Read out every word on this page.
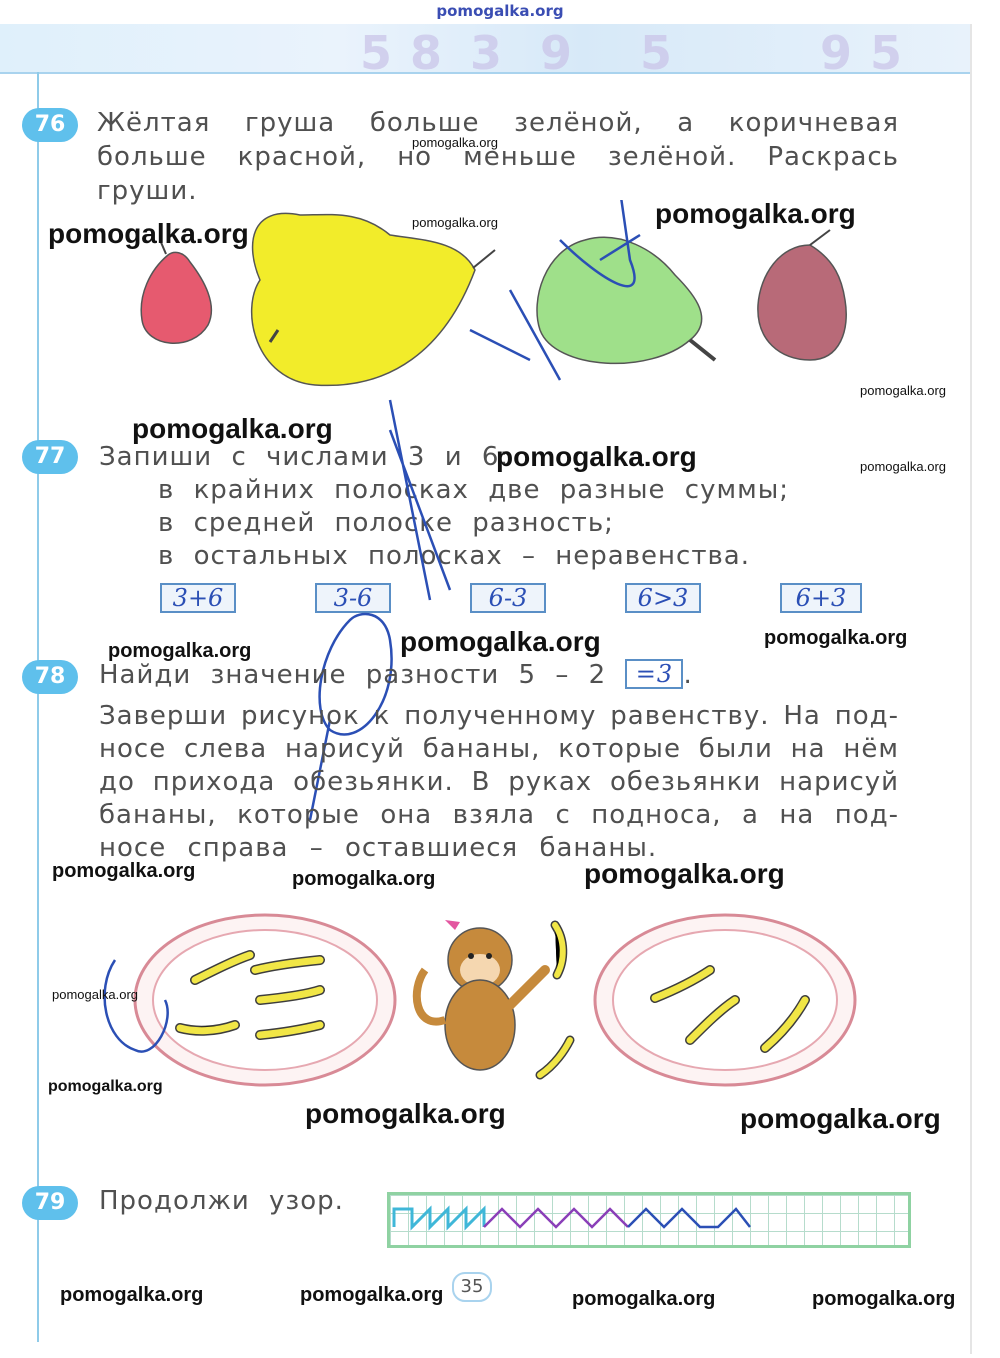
pomogalka.org
5 8 3 9 5	9 5
76	Жёлтая груша больше зелёной, а коричневая
больше красной, но меньше зелёной. Раскрась
груши.
77	Запиши с числами 3 и 6:
в крайних полосках две разные суммы;
в средней полоске разность;
в остальных полосках – неравенства.
3+6	3-6	6-3	6>3	6+3
78	Найди значение разности 5 – 2 =3 .
Заверши рисунок к полученному равенству. На под-
носе слева нарисуй бананы, которые были на нём
до прихода обезьянки. В руках обезьянки нарисуй
бананы, которые она взяла с подноса, а на под-
носе справа – оставшиеся бананы.
79	Продолжи узор.
35
pomogalka.org
pomogalka.org	pomogalka.org	pomogalka.org
pomogalka.org
pomogalka.org
pomogalka.org	pomogalka.org
pomogalka.org	pomogalka.org	pomogalka.org
pomogalka.org	pomogalka.org	pomogalka.org
pomogalka.org
pomogalka.org
pomogalka.org	pomogalka.org
pomogalka.org	pomogalka.org	pomogalka.org	pomogalka.org
